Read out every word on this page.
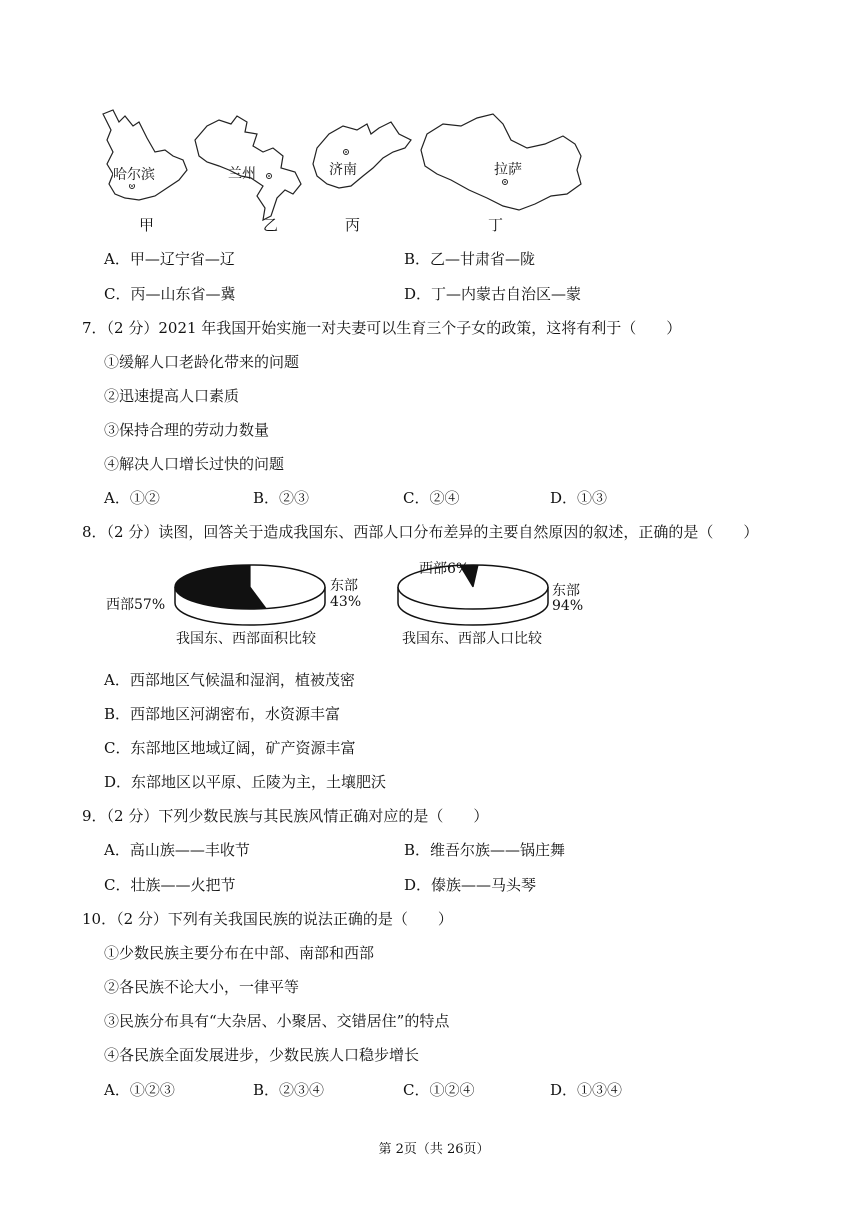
哈尔滨	兰州	济南	拉萨
甲	乙	丙	丁
A．甲—辽宁省—辽	B．乙—甘肃省—陇
C．丙—山东省—冀	D．丁—内蒙古自治区—蒙
7．（2 分）2021 年我国开始实施一对夫妻可以生育三个子女的政策，这将有利于（　　）
①缓解人口老龄化带来的问题
②迅速提高人口素质
③保持合理的劳动力数量
④解决人口增长过快的问题
A．①②	B．②③	C．②④	D．①③
8．（2 分）读图，回答关于造成我国东、西部人口分布差异的主要自然原因的叙述，正确的是（　　）
西部57%
东部
43%
我国东、西部面积比较
西部6%
东部
94%
我国东、西部人口比较
A．西部地区气候温和湿润，植被茂密
B．西部地区河湖密布，水资源丰富
C．东部地区地域辽阔，矿产资源丰富
D．东部地区以平原、丘陵为主，土壤肥沃
9．（2 分）下列少数民族与其民族风情正确对应的是（　　）
A．高山族——丰收节	B．维吾尔族——锅庄舞
C．壮族——火把节	D．傣族——马头琴
10．（2 分）下列有关我国民族的说法正确的是（　　）
①少数民族主要分布在中部、南部和西部
②各民族不论大小，一律平等
③民族分布具有“大杂居、小聚居、交错居住”的特点
④各民族全面发展进步，少数民族人口稳步增长
A．①②③	B．②③④	C．①②④	D．①③④
第 2页（共 26页）
